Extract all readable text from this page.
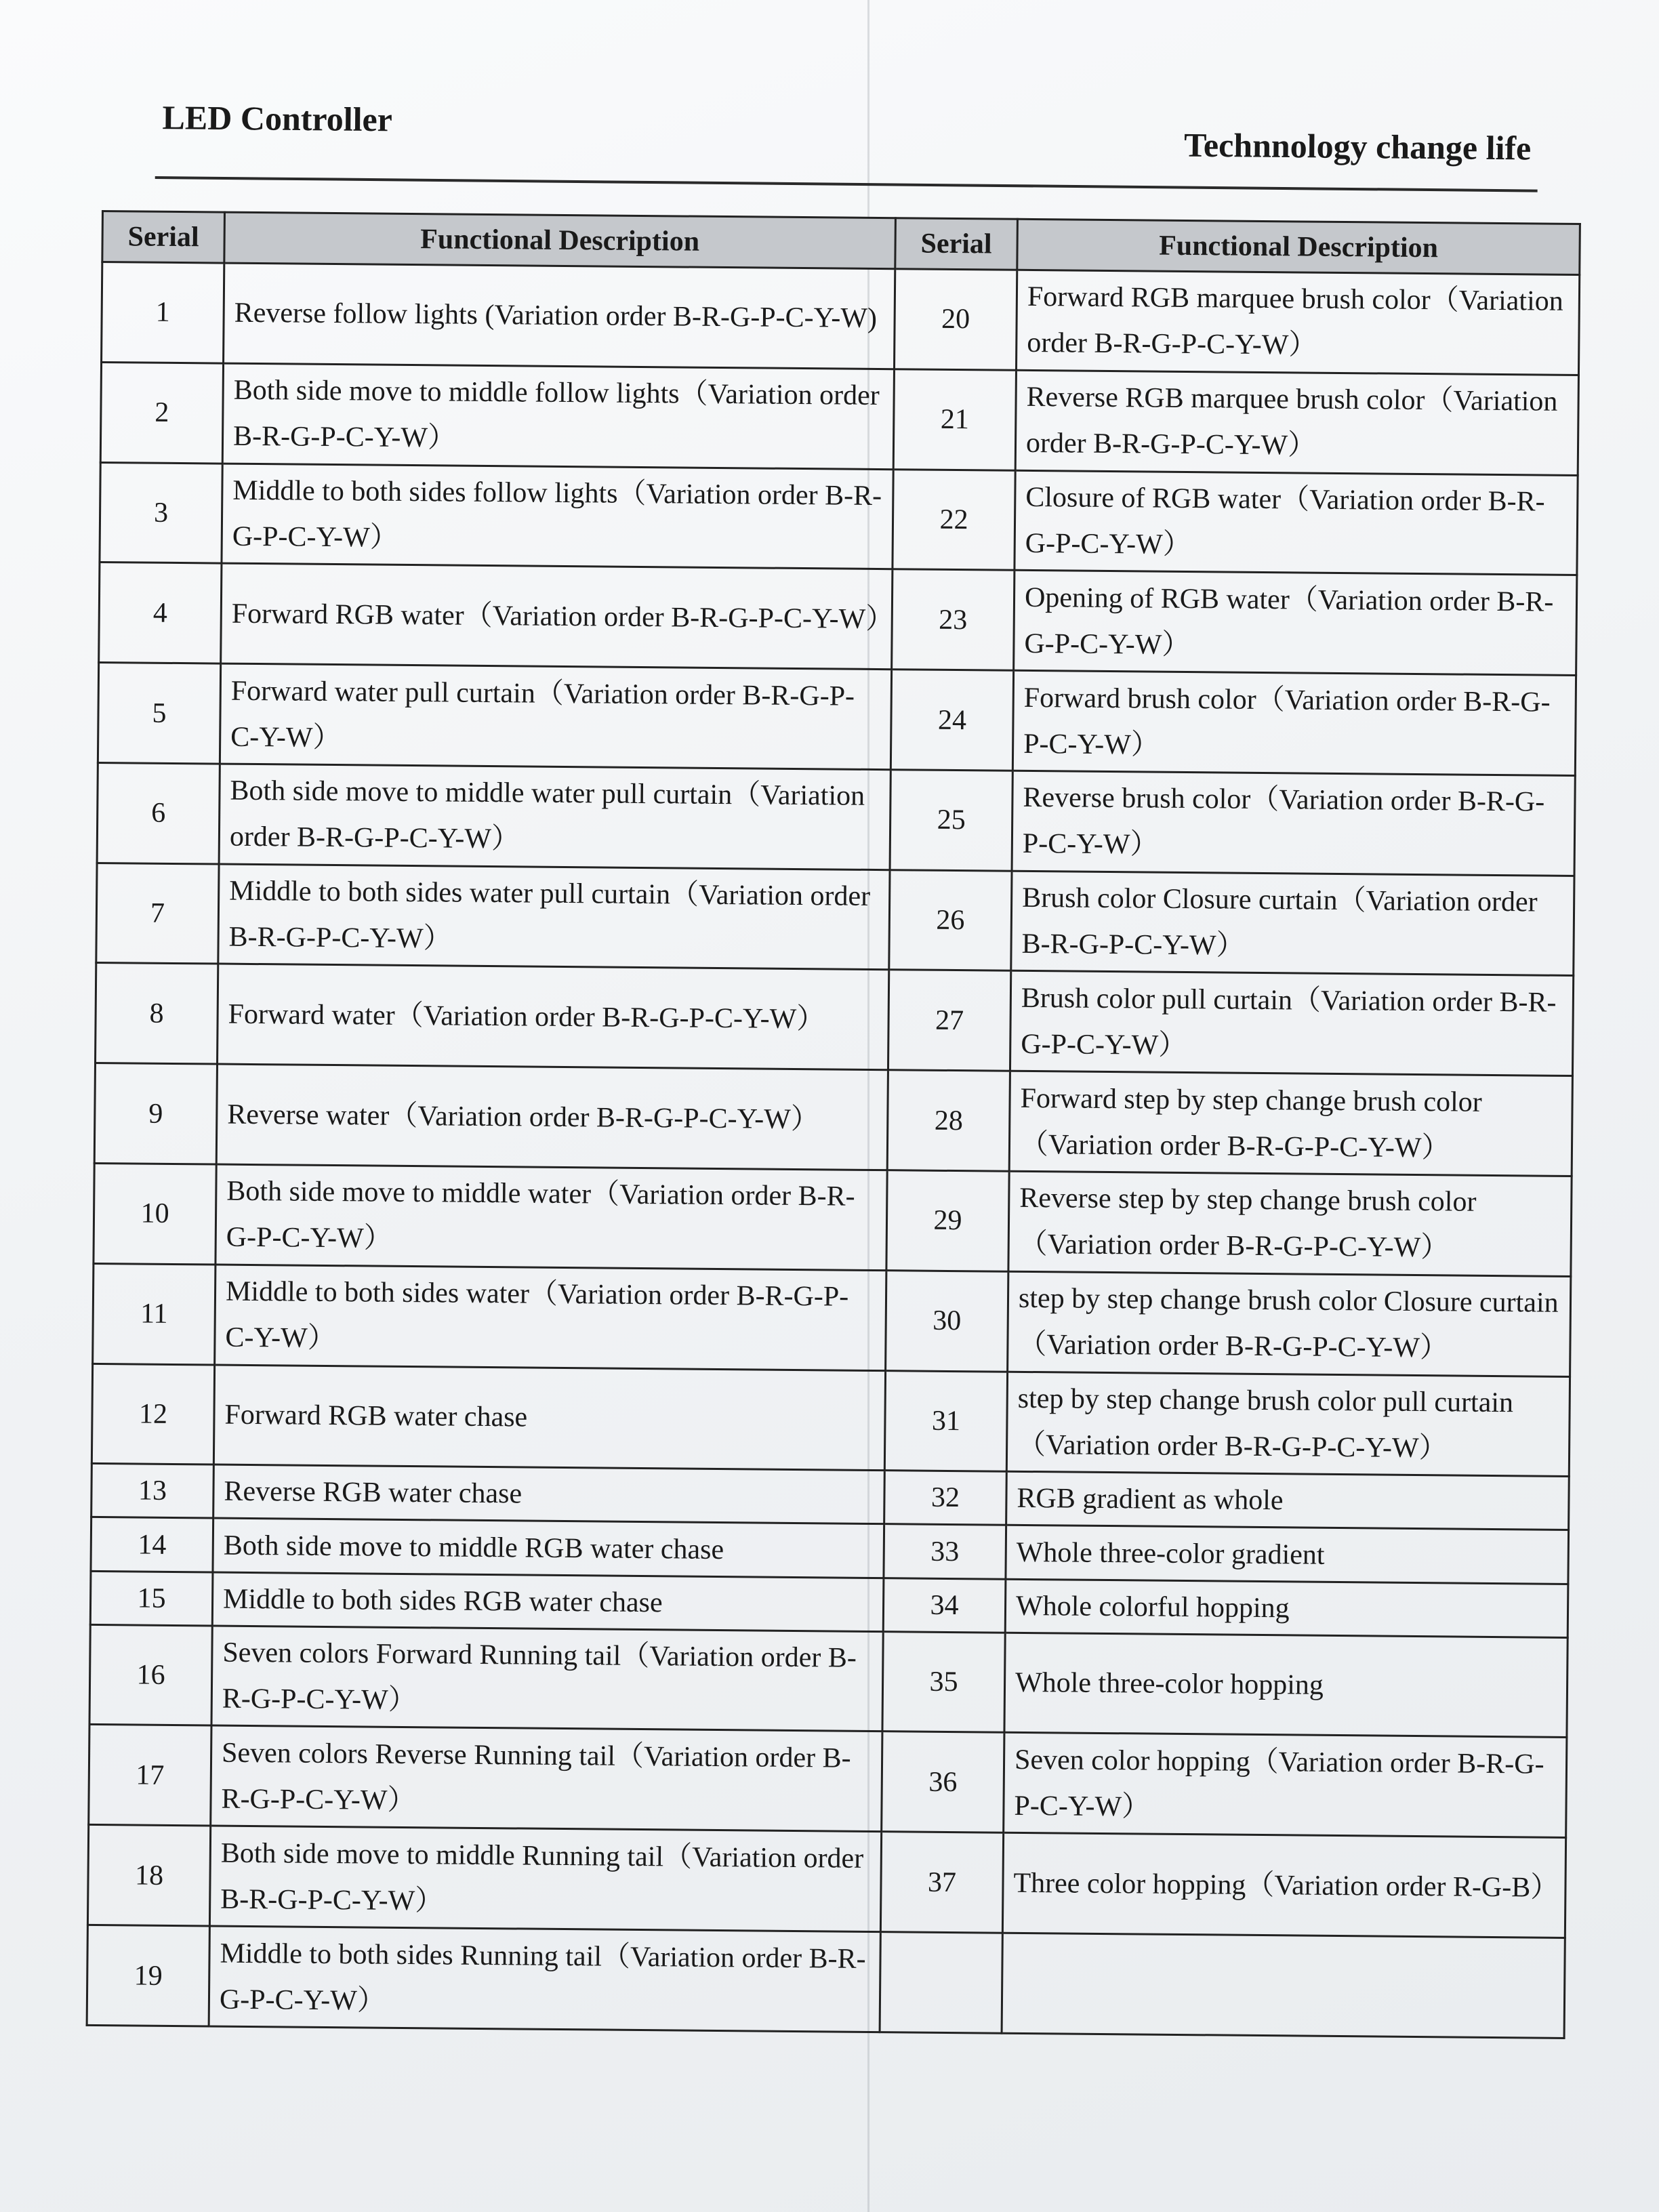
LED Controller
Technnology change life
Serial	Functional Description	Serial	Functional Description
1	Reverse follow lights (Variation order B-R-G-P-C-Y-W)	20	Forward RGB marquee brush color（Variation order B-R-G-P-C-Y-W）
2	Both side move to middle follow lights（Variation order B-R-G-P-C-Y-W）	21	Reverse RGB marquee brush color（Variation order B-R-G-P-C-Y-W）
3	Middle to both sides follow lights（Variation order B-R-G-P-C-Y-W）	22	Closure of RGB water（Variation order B-R-G-P-C-Y-W）
4	Forward RGB water（Variation order B-R-G-P-C-Y-W）	23	Opening of RGB water（Variation order B-R-G-P-C-Y-W）
5	Forward water pull curtain（Variation order B-R-G-P-C-Y-W）	24	Forward brush color（Variation order B-R-G-P-C-Y-W）
6	Both side move to middle water pull curtain（Variation order B-R-G-P-C-Y-W）	25	Reverse brush color（Variation order B-R-G-P-C-Y-W）
7	Middle to both sides water pull curtain（Variation order B-R-G-P-C-Y-W）	26	Brush color Closure curtain（Variation order B-R-G-P-C-Y-W）
8	Forward water（Variation order B-R-G-P-C-Y-W）	27	Brush color pull curtain（Variation order B-R-G-P-C-Y-W）
9	Reverse water（Variation order B-R-G-P-C-Y-W）	28	Forward step by step change brush color（Variation order B-R-G-P-C-Y-W）
10	Both side move to middle water（Variation order B-R-G-P-C-Y-W）	29	Reverse step by step change brush color（Variation order B-R-G-P-C-Y-W）
11	Middle to both sides water（Variation order B-R-G-P-C-Y-W）	30	step by step change brush color Closure curtain（Variation order B-R-G-P-C-Y-W）
12	Forward RGB water chase	31	step by step change brush color pull curtain（Variation order B-R-G-P-C-Y-W）
13	Reverse RGB water chase	32	RGB gradient as whole
14	Both side move to middle RGB water chase	33	Whole three-color gradient
15	Middle to both sides RGB water chase	34	Whole colorful hopping
16	Seven colors Forward Running tail（Variation order B-R-G-P-C-Y-W）	35	Whole three-color hopping
17	Seven colors Reverse Running tail（Variation order B-R-G-P-C-Y-W）	36	Seven color hopping（Variation order B-R-G-P-C-Y-W）
18	Both side move to middle Running tail（Variation order B-R-G-P-C-Y-W）	37	Three color hopping（Variation order R-G-B）
19	Middle to both sides Running tail（Variation order B-R-G-P-C-Y-W）		
